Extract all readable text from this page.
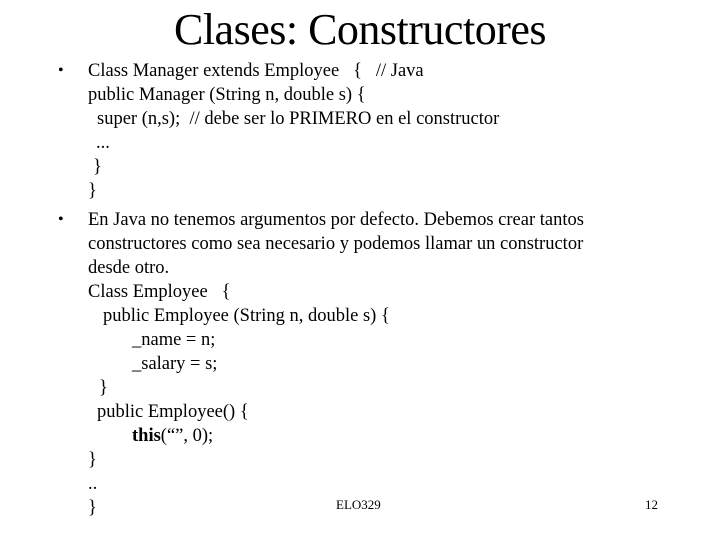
Clases: Constructores
• Class Manager extends Employee   {   // Java
public Manager (String n, double s) {
super (n,s);  // debe ser lo PRIMERO en el constructor
...
}
}
• En Java no tenemos argumentos por defecto. Debemos crear tantos
constructores como sea necesario y podemos llamar un constructor
desde otro.
Class Employee   {
public Employee (String n, double s) {
_name = n;
_salary = s;
}
public Employee() {
this(“”, 0);
}
..
}	ELO329	12
